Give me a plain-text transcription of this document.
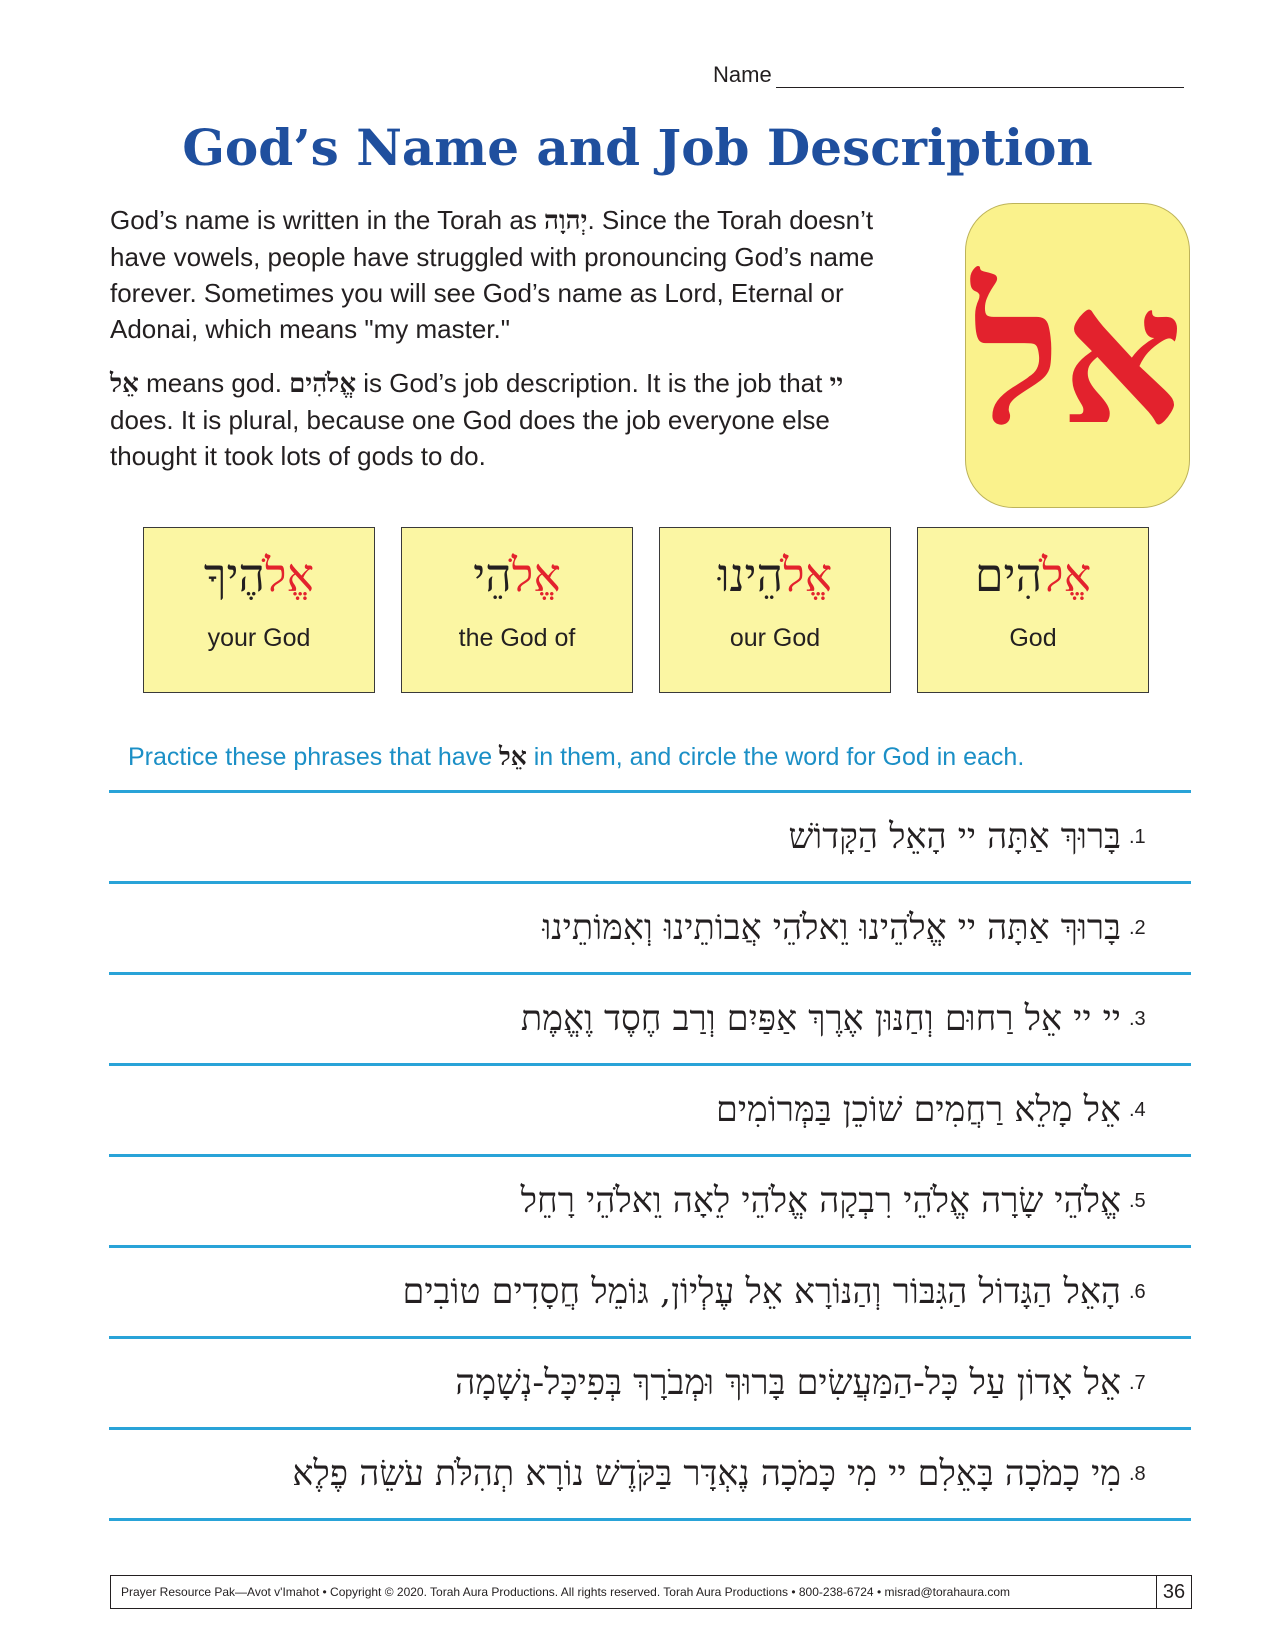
Name
God’s Name and Job Description

God’s name is written in the Torah as יְהוָה. Since the Torah doesn’t have vowels, people have struggled with pronouncing God’s name forever. Sometimes you will see God’s name as Lord, Eternal or Adonai, which means "my master."

אֵל means god. אֱלֹהִים is God’s job description. It is the job that יי does. It is plural, because one God does the job everyone else thought it took lots of gods to do.	אל
אֱלֹהֶיךָ
your God
אֱלֹהֵי
the God of
אֱלֹהֵינוּ
our God
אֱלֹהִים
God
Practice these phrases that have אֵל in them, and circle the word for God in each.
בָּרוּךְ אַתָּה יי הָאֵל הַקָּדוֹשׁ .1
בָּרוּךְ אַתָּה יי אֱלֹהֵינוּ וֵאלֹהֵי אֲבוֹתֵינוּ וְאִמּוֹתֵינוּ .2
יי יי אֵל רַחוּם וְחַנּוּן אֶרֶךְ אַפַּיִם וְרַב חֶסֶד וֶאֱמֶת .3
אֵל מָלֵא רַחֲמִים שׁוֹכֵן בַּמְּרוֹמִים .4
אֱלֹהֵי שָׂרָה אֱלֹהֵי רִבְקָה אֱלֹהֵי לֵאָה וֵאלֹהֵי רָחֵל .5
הָאֵל הַגָּדוֹל הַגִּבּוֹר וְהַנּוֹרָא אֵל עֶלְיוֹן, גּוֹמֵל חֲסָדִים טוֹבִים .6
אֵל אָדוֹן עַל כָּל-הַמַּעֲשִׂים בָּרוּךְ וּמְבֹרָךְ בְּפִיכָּל-נְשָׁמָה .7
מִי כָמֹכָה בָּאֵלִם יי מִי כָּמֹכָה נֶאְדָּר בַּקֹּדֶשׁ נוֹרָא תְהִלֹּת עֹשֵׂה פֶלֶא .8
Prayer Resource Pak—Avot v'Imahot • Copyright © 2020. Torah Aura Productions. All rights reserved. Torah Aura Productions • 800-238-6724 • misrad@torahaura.com	36
